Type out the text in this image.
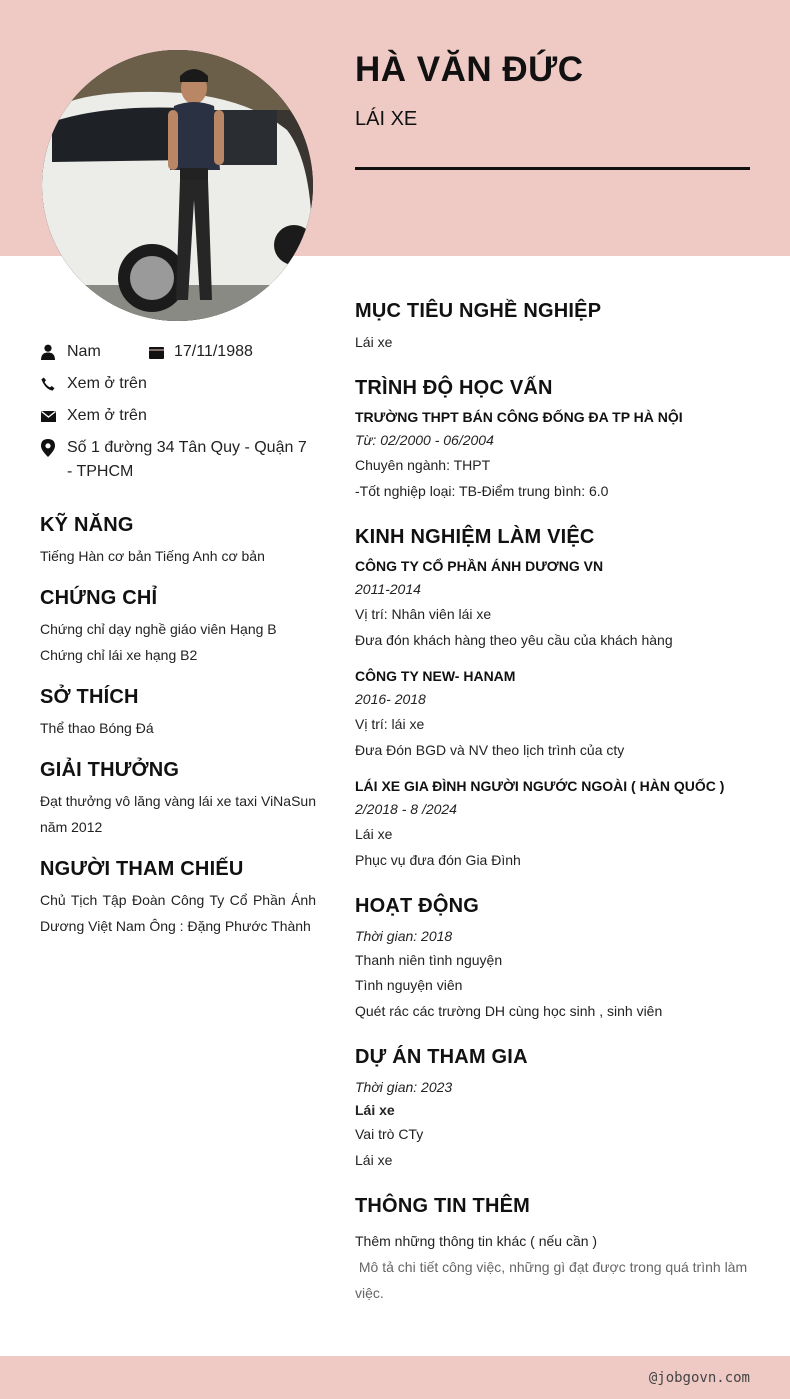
HÀ VĂN ĐỨC
LÁI XE
Nam	17/11/1988
Xem ở trên
Xem ở trên
Số 1 đường 34 Tân Quy - Quận 7 - TPHCM
KỸ NĂNG
Tiếng Hàn cơ bản Tiếng Anh cơ bản
CHỨNG CHỈ
Chứng chỉ dạy nghề giáo viên Hạng B Chứng chỉ lái xe hạng B2
SỞ THÍCH
Thể thao Bóng Đá
GIẢI THƯỞNG
Đạt thưởng vô lăng vàng lái xe taxi ViNaSun năm 2012
NGƯỜI THAM CHIẾU
Chủ Tịch Tập Đoàn Công Ty Cổ Phần Ánh Dương Việt Nam Ông : Đặng Phước Thành
MỤC TIÊU NGHỀ NGHIỆP
Lái xe
TRÌNH ĐỘ HỌC VẤN
TRƯỜNG THPT BÁN CÔNG ĐỐNG ĐA TP HÀ NỘI
Từ: 02/2000 - 06/2004
Chuyên ngành: THPT
-Tốt nghiệp loại: TB-Điểm trung bình: 6.0
KINH NGHIỆM LÀM VIỆC
CÔNG TY CỔ PHẦN ÁNH DƯƠNG VN
2011-2014
Vị trí: Nhân viên lái xe
Đưa đón khách hàng theo yêu cầu của khách hàng
CÔNG TY NEW- HANAM
2016- 2018
Vị trí: lái xe
Đưa Đón BGD và NV theo lịch trình của cty
LÁI XE GIA ĐÌNH NGƯỜI NGƯỚC NGOÀI ( HÀN QUỐC )
2/2018 - 8 /2024
Lái xe
Phục vụ đưa đón Gia Đình
HOẠT ĐỘNG
Thời gian: 2018
Thanh niên tình nguyện
Tình nguyện viên
Quét rác các trường DH cùng học sinh , sinh viên
DỰ ÁN THAM GIA
Thời gian: 2023
Lái xe
Vai trò CTy
Lái xe
THÔNG TIN THÊM
Thêm những thông tin khác ( nếu cần )
Mô tả chi tiết công việc, những gì đạt được trong quá trình làm việc.
@jobgovn.com
